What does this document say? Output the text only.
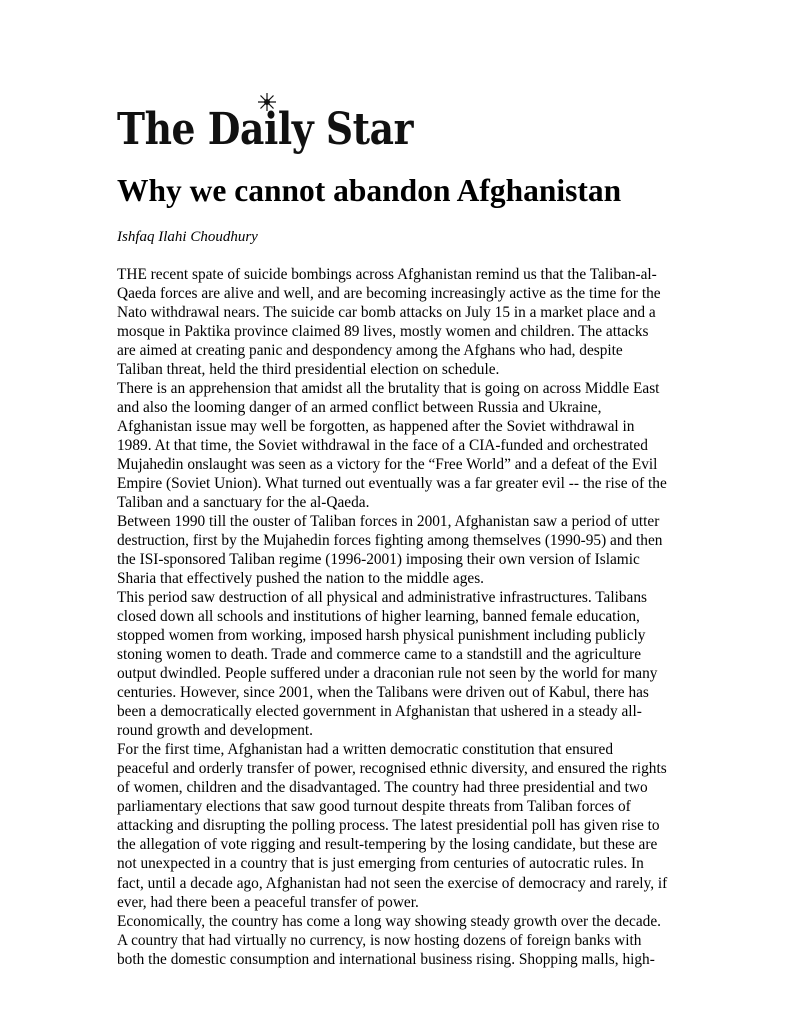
The Daily Star
Why we cannot abandon Afghanistan

Ishfaq Ilahi Choudhury

THE recent spate of suicide bombings across Afghanistan remind us that the Taliban-al-
Qaeda forces are alive and well, and are becoming increasingly active as the time for the
Nato withdrawal nears. The suicide car bomb attacks on July 15 in a market place and a
mosque in Paktika province claimed 89 lives, mostly women and children. The attacks
are aimed at creating panic and despondency among the Afghans who had, despite
Taliban threat, held the third presidential election on schedule.
There is an apprehension that amidst all the brutality that is going on across Middle East
and also the looming danger of an armed conflict between Russia and Ukraine,
Afghanistan issue may well be forgotten, as happened after the Soviet withdrawal in
1989. At that time, the Soviet withdrawal in the face of a CIA-funded and orchestrated
Mujahedin onslaught was seen as a victory for the “Free World” and a defeat of the Evil
Empire (Soviet Union). What turned out eventually was a far greater evil -- the rise of the
Taliban and a sanctuary for the al-Qaeda.
Between 1990 till the ouster of Taliban forces in 2001, Afghanistan saw a period of utter
destruction, first by the Mujahedin forces fighting among themselves (1990-95) and then
the ISI-sponsored Taliban regime (1996-2001) imposing their own version of Islamic
Sharia that effectively pushed the nation to the middle ages.
This period saw destruction of all physical and administrative infrastructures. Talibans
closed down all schools and institutions of higher learning, banned female education,
stopped women from working, imposed harsh physical punishment including publicly
stoning women to death. Trade and commerce came to a standstill and the agriculture
output dwindled. People suffered under a draconian rule not seen by the world for many
centuries. However, since 2001, when the Talibans were driven out of Kabul, there has
been a democratically elected government in Afghanistan that ushered in a steady all-
round growth and development.
For the first time, Afghanistan had a written democratic constitution that ensured
peaceful and orderly transfer of power, recognised ethnic diversity, and ensured the rights
of women, children and the disadvantaged. The country had three presidential and two
parliamentary elections that saw good turnout despite threats from Taliban forces of
attacking and disrupting the polling process. The latest presidential poll has given rise to
the allegation of vote rigging and result-tempering by the losing candidate, but these are
not unexpected in a country that is just emerging from centuries of autocratic rules. In
fact, until a decade ago, Afghanistan had not seen the exercise of democracy and rarely, if
ever, had there been a peaceful transfer of power.
Economically, the country has come a long way showing steady growth over the decade.
A country that had virtually no currency, is now hosting dozens of foreign banks with
both the domestic consumption and international business rising. Shopping malls, high-
